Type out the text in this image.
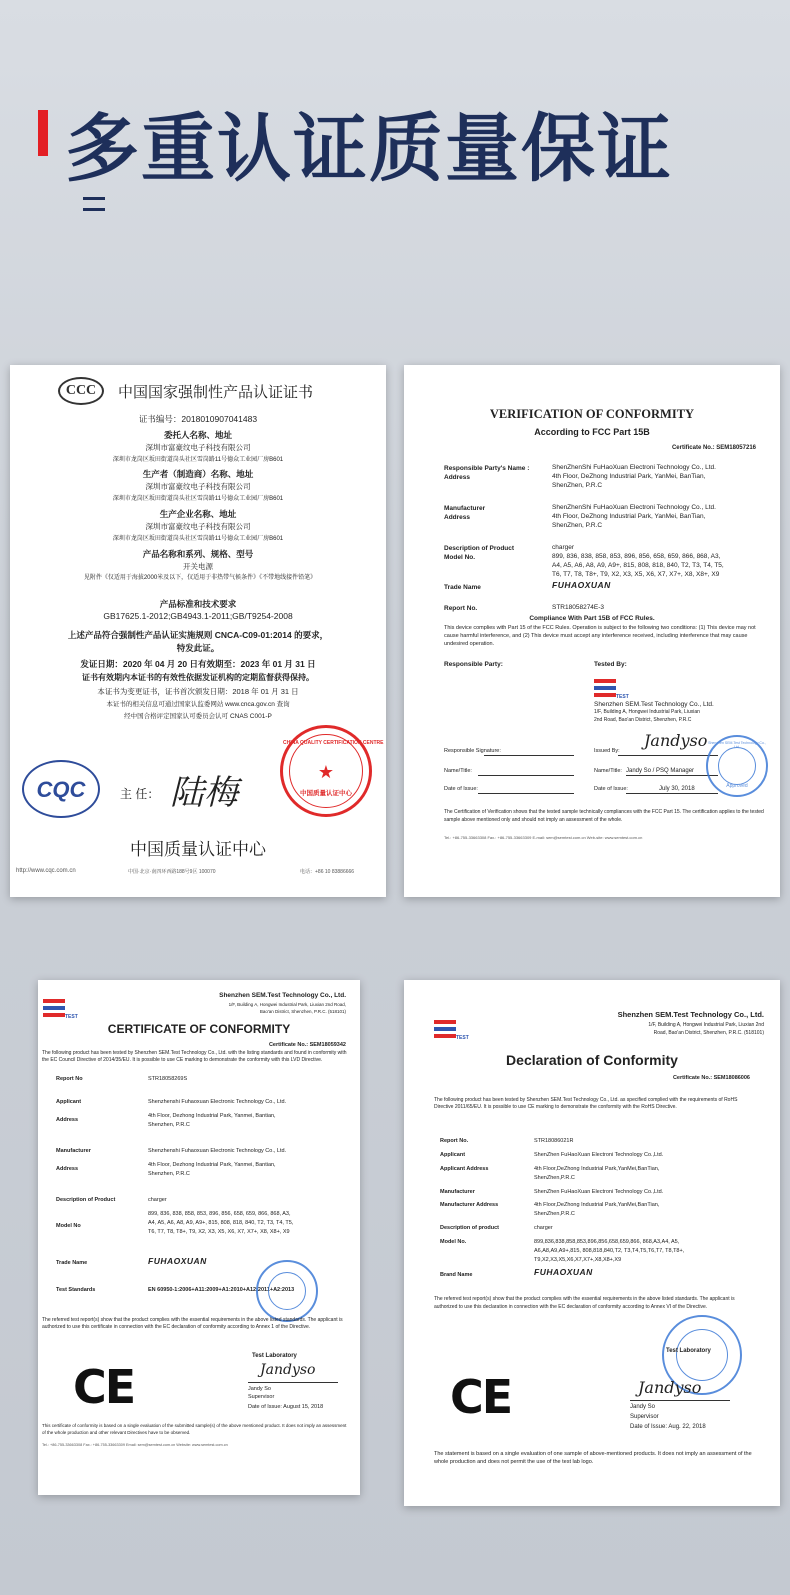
多重认证质量保证
CCC	中国国家强制性产品认证证书
证书编号：2018010907041483
委托人名称、地址
深圳市富豪纹电子科技有限公司
深圳市龙岗区坂田街道岗头社区雪岗路11号德众工业园厂房B601
生产者（制造商）名称、地址
深圳市富豪纹电子科技有限公司
深圳市龙岗区坂田街道岗头社区雪岗路11号德众工业园厂房B601
生产企业名称、地址
深圳市富豪纹电子科技有限公司
深圳市龙岗区坂田街道岗头社区雪岗路11号德众工业园厂房B601
产品名称和系列、规格、型号
开关电源
见附件《仅适用于海拔2000米及以下，仅适用于非热带气候条件》《不带地线接件铅笔》
产品标准和技术要求
GB17625.1-2012;GB4943.1-2011;GB/T9254-2008
上述产品符合强制性产品认证实施规则 CNCA-C09-01:2014 的要求，
特发此证。
发证日期：2020 年 04 月 20 日有效期至：2023 年 01 月 31 日
证书有效期内本证书的有效性依据发证机构的定期监督获得保持。
本证书为变更证书，证书首次颁发日期：2018 年 01 月 31 日
本证书的相关信息可通过国家认监委网站 www.cnca.gov.cn 查询
经中国合格评定国家认可委员会认可 CNAS C001-P
CQC	主 任： 陆梅
CHINA QUALITY CERTIFICATION CENTRE
★
中国质量认证中心
中国质量认证中心
http://www.cqc.com.cn	中国·北京·南四环西路188号9区 100070	电话：+86 10 83886666
VERIFICATION OF CONFORMITY
According to FCC Part 15B
Certificate No.: SEM18057216
Responsible Party's Name :	ShenZhenShi FuHaoXuan Electroni Technology Co., Ltd.
Address	4th Floor, DeZhong Industrial Park, YanMei, BanTian,
ShenZhen, P.R.C
Manufacturer	ShenZhenShi FuHaoXuan Electroni Technology Co., Ltd.
Address	4th Floor, DeZhong Industrial Park, YanMei, BanTian,
ShenZhen, P.R.C
Description of Product	charger
Model No.	899, 836, 838, 858, 853, 896, 856, 658, 659, 866, 868, A3,
A4, A5, A6, A8, A9, A9+, 815, 808, 818, 840, T2, T3, T4, T5,
T6, T7, T8, T8+, T9, X2, X3, X5, X6, X7, X7+, X8, X8+, X9
Trade Name	FUHAOXUAN
Report No.	STR18058274E-3
Compliance With Part 15B of FCC Rules.
This device complies with Part 15 of the FCC Rules. Operation is subject to the following two conditions: (1) This device may not cause harmful interference, and (2) This device must accept any interference received, including interference that may cause undesired operation.
Responsible Party:	Tested By:
TEST
Shenzhen SEM.Test Technology Co., Ltd.
1/F, Building A, Hongwei Industrial Park, Liuxian
2nd Road, Bao'an District, Shenzhen, P.R.C
Responsible Signature:	Issued By:
Jandyso
Name/Title:	Name/Title: Jandy So / PSQ Manager
Date of Issue:	Date of Issue:	July 30, 2018
Shenzhen SEM.Test Technology Co., Ltd.
Approved
The Certification of Verification shows that the tested sample technically compliances with the FCC Part 15. The certification applies to the tested sample above mentioned only and should not imply an assessment of the whole.
Tel.: +86-755-33663308 Fax.: +86-755-33663309 E-mail: sem@semtest.com.cn Web-site: www.semtest.com.cn
TEST
Shenzhen SEM.Test Technology Co., Ltd.
1/F, Building A, Hongwei Industrial Park, Liuxian 2nd Road,
Bao'an District, Shenzhen, P.R.C. (518101)
CERTIFICATE OF CONFORMITY
Certificate No.: SEM18059342
The following product has been tested by Shenzhen SEM.Test Technology Co., Ltd. with the listing standards and found in conformity with the EC Council Directive of 2014/35/EU. It is possible to use CE marking to demonstrate the conformity with this LVD Directive.
Report No	STR18058269S
Applicant	Shenzhenshi Fuhaoxuan Electronic Technology Co., Ltd.
Address
4th Floor, Dezhong Industrial Park, Yanmei, Bantian,
Shenzhen, P.R.C
Manufacturer	Shenzhenshi Fuhaoxuan Electronic Technology Co., Ltd.
Address
4th Floor, Dezhong Industrial Park, Yanmei, Bantian,
Shenzhen, P.R.C
Description of Product	charger
Model No
899, 836, 838, 858, 853, 896, 856, 658, 659, 866, 868, A3,
A4, A5, A6, A8, A9, A9+, 815, 808, 818, 840, T2, T3, T4, T5,
T6, T7, T8, T8+, T9, X2, X3, X5, X6, X7, X7+, X8, X8+, X9
Trade Name	FUHAOXUAN
Test Standards	EN 60950-1:2006+A11:2009+A1:2010+A12:2011+A2:2013
The referred test report(s) show that the product complies with the essential requirements in the above listed standards. The applicant is authorized to use this certificate in connection with the EC declaration of conformity according to Annex 1 of the Directive.
Test Laboratory
CE	Jandyso
Jandy So
Supervisor
Date of Issue: August 15, 2018
This certificate of conformity is based on a single evaluation of the submitted sample(s) of the above mentioned product. It does not imply an assessment of the whole production and other relevant Directives have to be observed.
Tel.: +86-755-33663308 Fax.: +86-755-33663309 Email: sem@semtest.com.cn Website: www.semtest.com.cn
Shenzhen SEM.Test Technology Co., Ltd.
1/F, Building A, Hongwei Industrial Park, Liuxian 2nd
Road, Bao'an District, Shenzhen, P.R.C. (518101)
TEST
Declaration of Conformity
Certificate No.: SEM18086006
The following product has been tested by Shenzhen SEM.Test Technology Co., Ltd. as specified complied with the requirements of RoHS Directive 2011/65/EU. It is possible to use CE marking to demonstrate the conformity with the RoHS Directive.
Report No.	STR18086021R
Applicant	ShenZhen FuHaoXuan Electroni Technology Co.,Ltd.
Applicant Address	4th Floor,DeZhong Industrial Park,YanMei,BanTian,
ShenZhen,P.R.C
Manufacturer	ShenZhen FuHaoXuan Electroni Technology Co.,Ltd.
Manufacturer Address	4th Floor,DeZhong Industrial Park,YanMei,BanTian,
ShenZhen,P.R.C
Description of product	charger
Model No.	899,836,838,858,853,896,856,658,659,866, 868,A3,A4, A5,
A6,A8,A9,A9+,815, 808,818,840,T2, T3,T4,T5,T6,T7, T8,T8+,
T9,X2,X3,X5,X6,X7,X7+,X8,X8+,X9
Brand Name	FUHAOXUAN
The referred test report(s) show that the product complies with the essential requirements in the above listed standards. The applicant is authorized to use this declaration in connection with the EC declaration of conformity according to Annex VI of the Directive.
Test Laboratory
CE	Jandyso
Jandy So
Supervisor
Date of Issue: Aug. 22, 2018
The statement is based on a single evaluation of one sample of above-mentioned products. It does not imply an assessment of the whole production and does not permit the use of the test lab logo.
